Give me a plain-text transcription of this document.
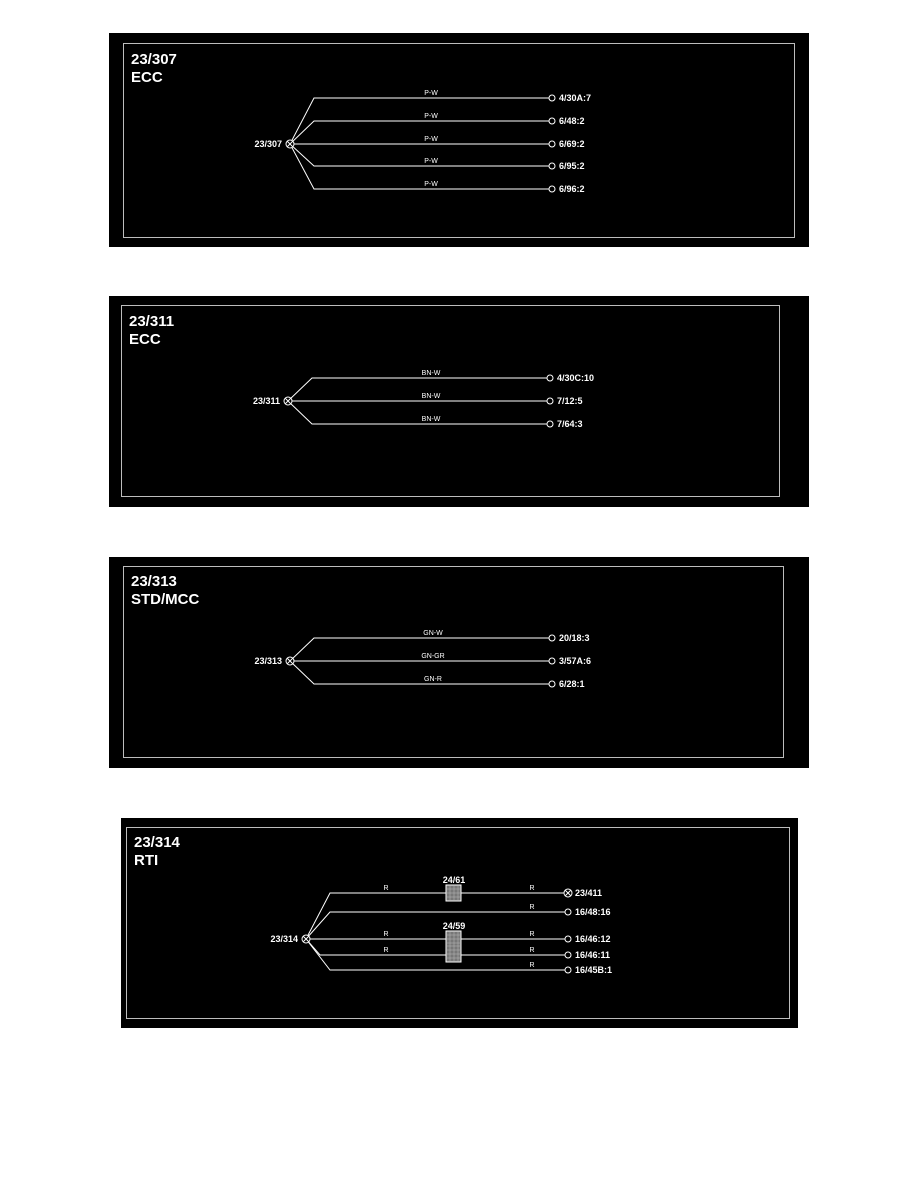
23/307
ECC
23/307
P-W
P-W
P-W
P-W
P-W
4/30A:7
6/48:2
6/69:2
6/95:2
6/96:2
23/311
ECC
23/311
BN-W
BN-W
BN-W
4/30C:10
7/12:5
7/64:3
23/313
STD/MCC
23/313
GN-W
GN-GR
GN-R
20/18:3
3/57A:6
6/28:1
23/314
RTI
24/61
24/59
23/314
R
R
R
R
R
R
R
R
23/411
16/48:16
16/46:12
16/46:11
16/45B:1
